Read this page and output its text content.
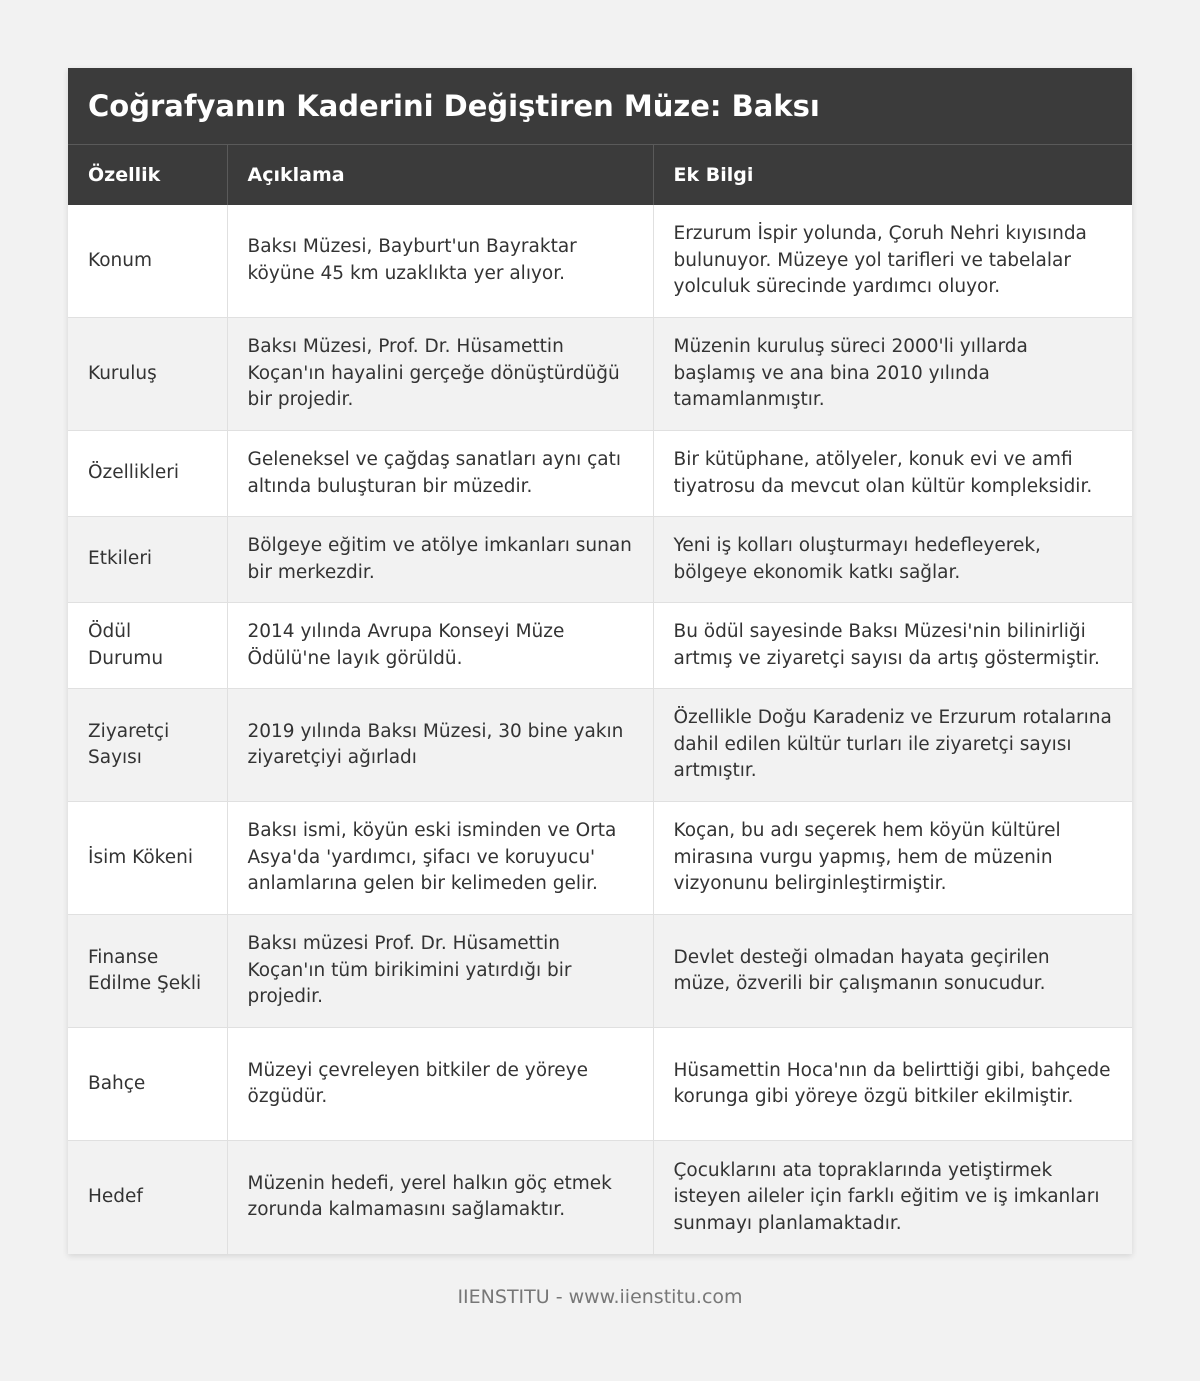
Coğrafyanın Kaderini Değiştiren Müze: Baksı
Özellik	Açıklama	Ek Bilgi
Konum	Baksı Müzesi, Bayburt'un Bayraktar köyüne 45 km uzaklıkta yer alıyor.	Erzurum İspir yolunda, Çoruh Nehri kıyısında bulunuyor. Müzeye yol tarifleri ve tabelalar yolculuk sürecinde yardımcı oluyor.
Kuruluş	Baksı Müzesi, Prof. Dr. Hüsamettin Koçan'ın hayalini gerçeğe dönüştürdüğü bir projedir.	Müzenin kuruluş süreci 2000'li yıllarda başlamış ve ana bina 2010 yılında tamamlanmıştır.
Özellikleri	Geleneksel ve çağdaş sanatları aynı çatı altında buluşturan bir müzedir.	Bir kütüphane, atölyeler, konuk evi ve amfi tiyatrosu da mevcut olan kültür kompleksidir.
Etkileri	Bölgeye eğitim ve atölye imkanları sunan bir merkezdir.	Yeni iş kolları oluşturmayı hedefleyerek, bölgeye ekonomik katkı sağlar.
Ödül Durumu	2014 yılında Avrupa Konseyi Müze Ödülü'ne layık görüldü.	Bu ödül sayesinde Baksı Müzesi'nin bilinirliği artmış ve ziyaretçi sayısı da artış göstermiştir.
Ziyaretçi Sayısı	2019 yılında Baksı Müzesi, 30 bine yakın ziyaretçiyi ağırladı	Özellikle Doğu Karadeniz ve Erzurum rotalarına dahil edilen kültür turları ile ziyaretçi sayısı artmıştır.
İsim Kökeni	Baksı ismi, köyün eski isminden ve Orta Asya'da 'yardımcı, şifacı ve koruyucu' anlamlarına gelen bir kelimeden gelir.	Koçan, bu adı seçerek hem köyün kültürel mirasına vurgu yapmış, hem de müzenin vizyonunu belirginleştirmiştir.
Finanse Edilme Şekli	Baksı müzesi Prof. Dr. Hüsamettin Koçan'ın tüm birikimini yatırdığı bir projedir.	Devlet desteği olmadan hayata geçirilen müze, özverili bir çalışmanın sonucudur.
Bahçe	Müzeyi çevreleyen bitkiler de yöreye özgüdür.	Hüsamettin Hoca'nın da belirttiği gibi, bahçede korunga gibi yöreye özgü bitkiler ekilmiştir.
Hedef	Müzenin hedefi, yerel halkın göç etmek zorunda kalmamasını sağlamaktır.	Çocuklarını ata topraklarında yetiştirmek isteyen aileler için farklı eğitim ve iş imkanları sunmayı planlamaktadır.
IIENSTITU - www.iienstitu.com
